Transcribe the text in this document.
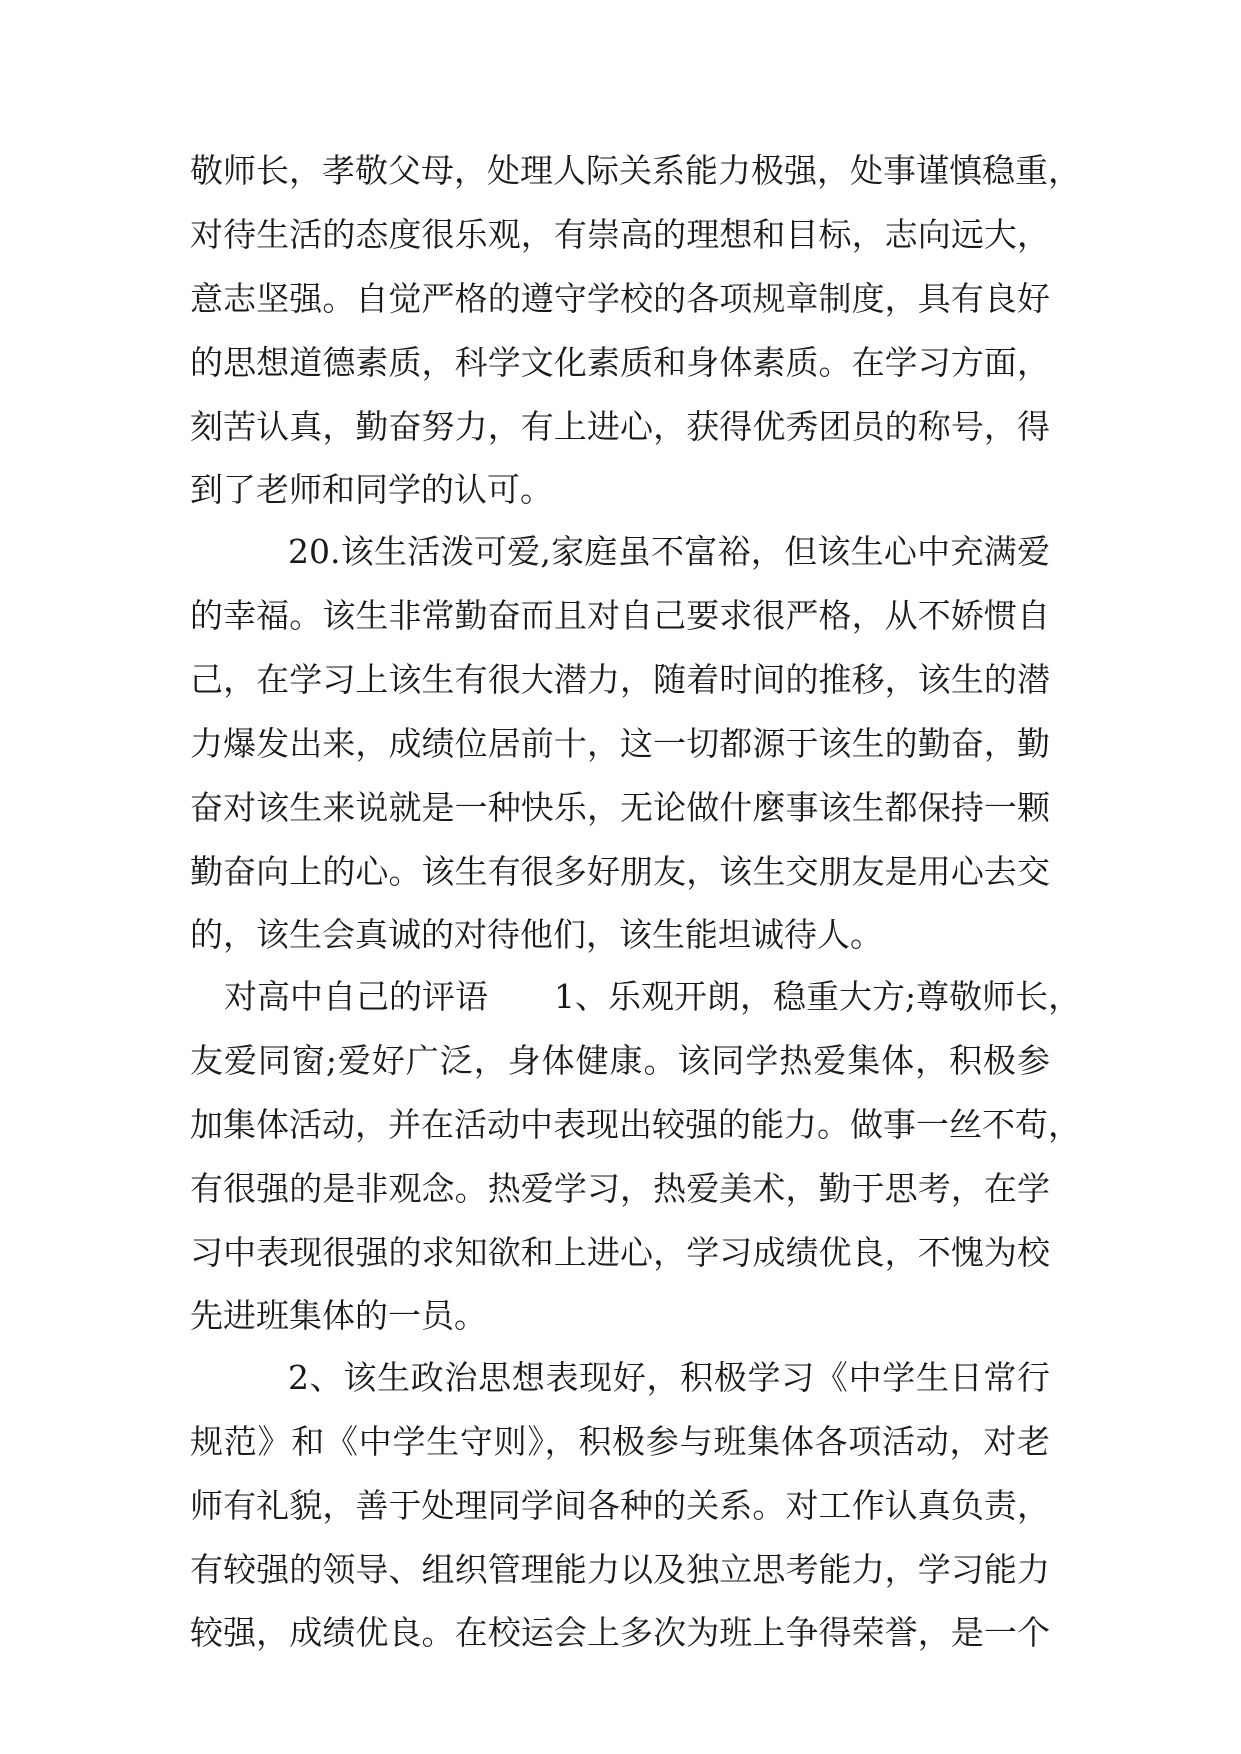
敬师长，孝敬父母，处理人际关系能力极强，处事谨慎稳重，
对待生活的态度很乐观，有崇高的理想和目标，志向远大，
意志坚强。自觉严格的遵守学校的各项规章制度，具有良好
的思想道德素质，科学文化素质和身体素质。在学习方面，
刻苦认真，勤奋努力，有上进心，获得优秀团员的称号，得
到了老师和同学的认可。
20.该生活泼可爱,家庭虽不富裕，但该生心中充满爱
的幸福。该生非常勤奋而且对自己要求很严格，从不娇惯自
己，在学习上该生有很大潜力，随着时间的推移，该生的潜
力爆发出来，成绩位居前十，这一切都源于该生的勤奋，勤
奋对该生来说就是一种快乐，无论做什麼事该生都保持一颗
勤奋向上的心。该生有很多好朋友，该生交朋友是用心去交
的，该生会真诚的对待他们，该生能坦诚待人。
对高中自己的评语　　1、乐观开朗，稳重大方;尊敬师长，
友爱同窗;爱好广泛，身体健康。该同学热爱集体，积极参
加集体活动，并在活动中表现出较强的能力。做事一丝不苟，
有很强的是非观念。热爱学习，热爱美术，勤于思考，在学
习中表现很强的求知欲和上进心，学习成绩优良，不愧为校
先进班集体的一员。
2、该生政治思想表现好，积极学习《中学生日常行
规范》和《中学生守则》，积极参与班集体各项活动，对老
师有礼貌，善于处理同学间各种的关系。对工作认真负责，
有较强的领导、组织管理能力以及独立思考能力，学习能力
较强，成绩优良。在校运会上多次为班上争得荣誉，是一个
